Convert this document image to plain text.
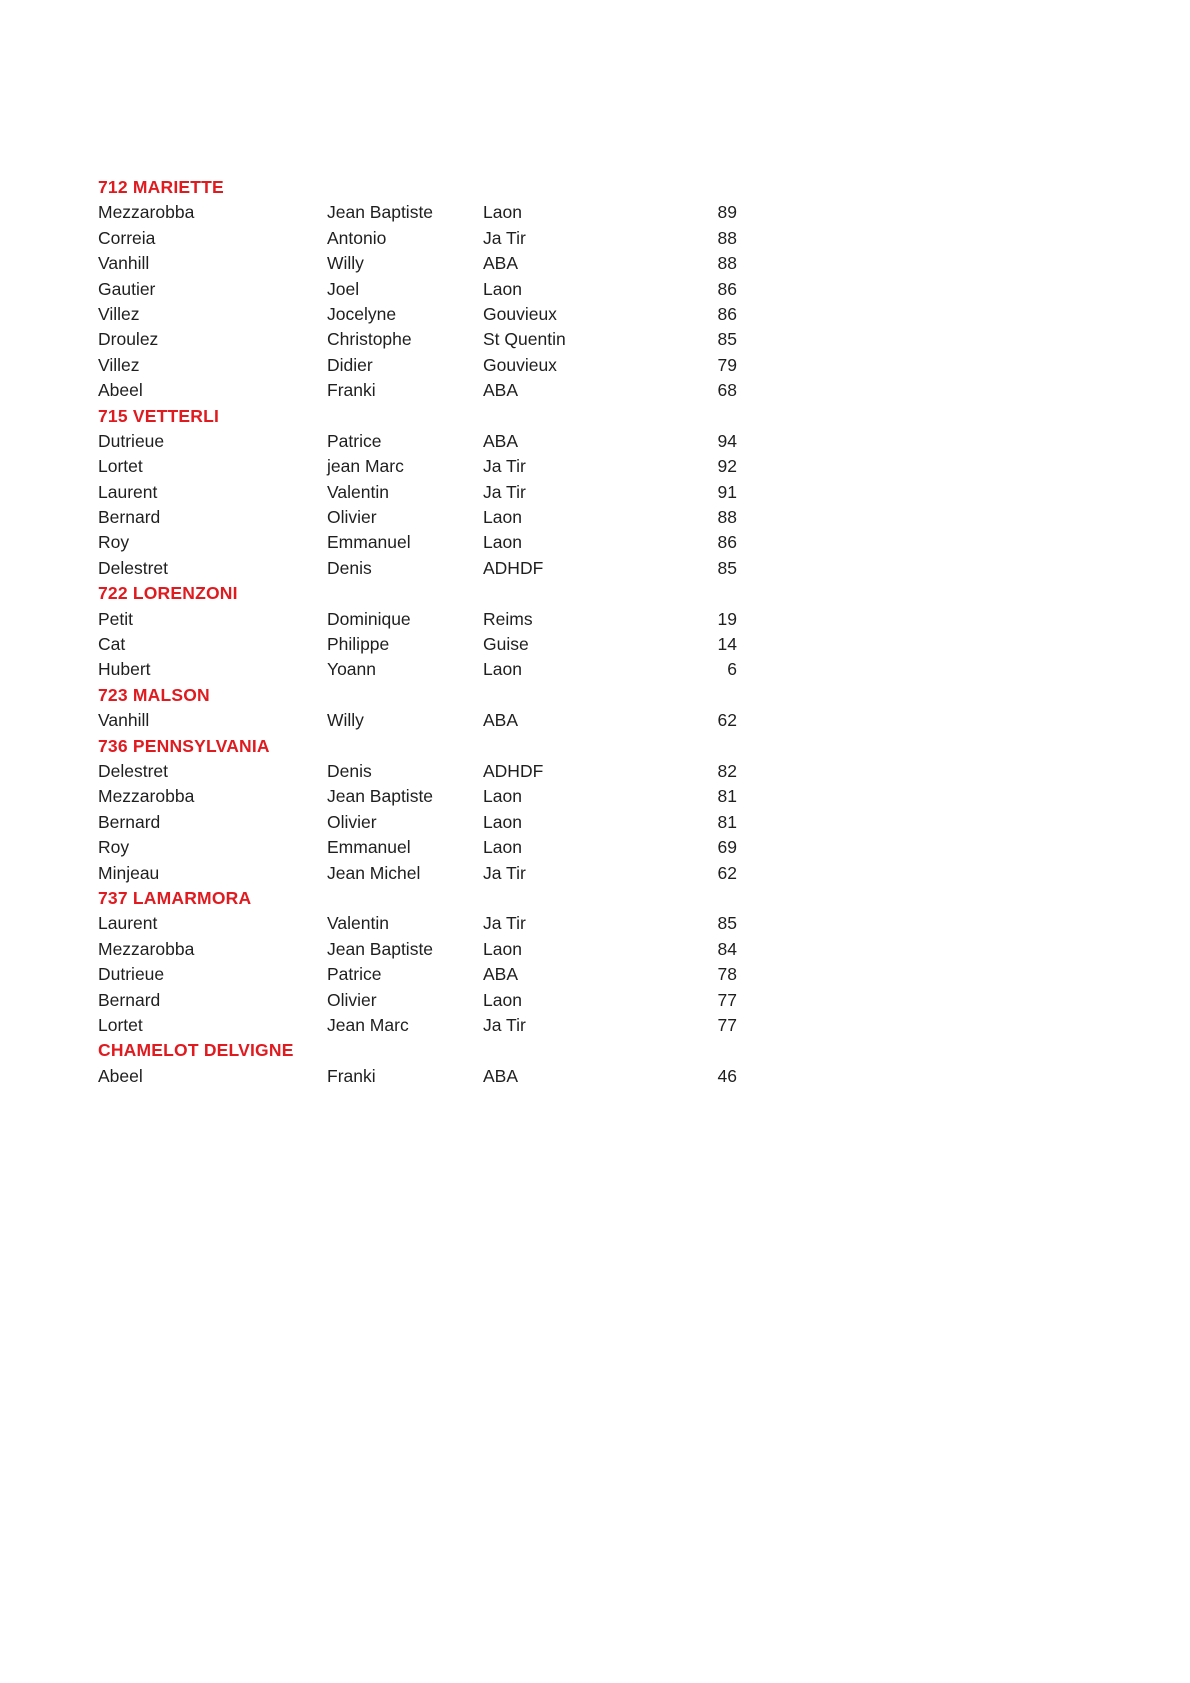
712 MARIETTE
Mezzarobba	Jean Baptiste	Laon	89
Correia	Antonio	Ja Tir	88
Vanhill	Willy	ABA	88
Gautier	Joel	Laon	86
Villez	Jocelyne	Gouvieux	86
Droulez	Christophe	St Quentin	85
Villez	Didier	Gouvieux	79
Abeel	Franki	ABA	68
715 VETTERLI
Dutrieue	Patrice	ABA	94
Lortet	jean Marc	Ja Tir	92
Laurent	Valentin	Ja Tir	91
Bernard	Olivier	Laon	88
Roy	Emmanuel	Laon	86
Delestret	Denis	ADHDF	85
722 LORENZONI
Petit	Dominique	Reims	19
Cat	Philippe	Guise	14
Hubert	Yoann	Laon	6
723 MALSON
Vanhill	Willy	ABA	62
736 PENNSYLVANIA
Delestret	Denis	ADHDF	82
Mezzarobba	Jean Baptiste	Laon	81
Bernard	Olivier	Laon	81
Roy	Emmanuel	Laon	69
Minjeau	Jean Michel	Ja Tir	62
737 LAMARMORA
Laurent	Valentin	Ja Tir	85
Mezzarobba	Jean Baptiste	Laon	84
Dutrieue	Patrice	ABA	78
Bernard	Olivier	Laon	77
Lortet	Jean Marc	Ja Tir	77
CHAMELOT DELVIGNE
Abeel	Franki	ABA	46
